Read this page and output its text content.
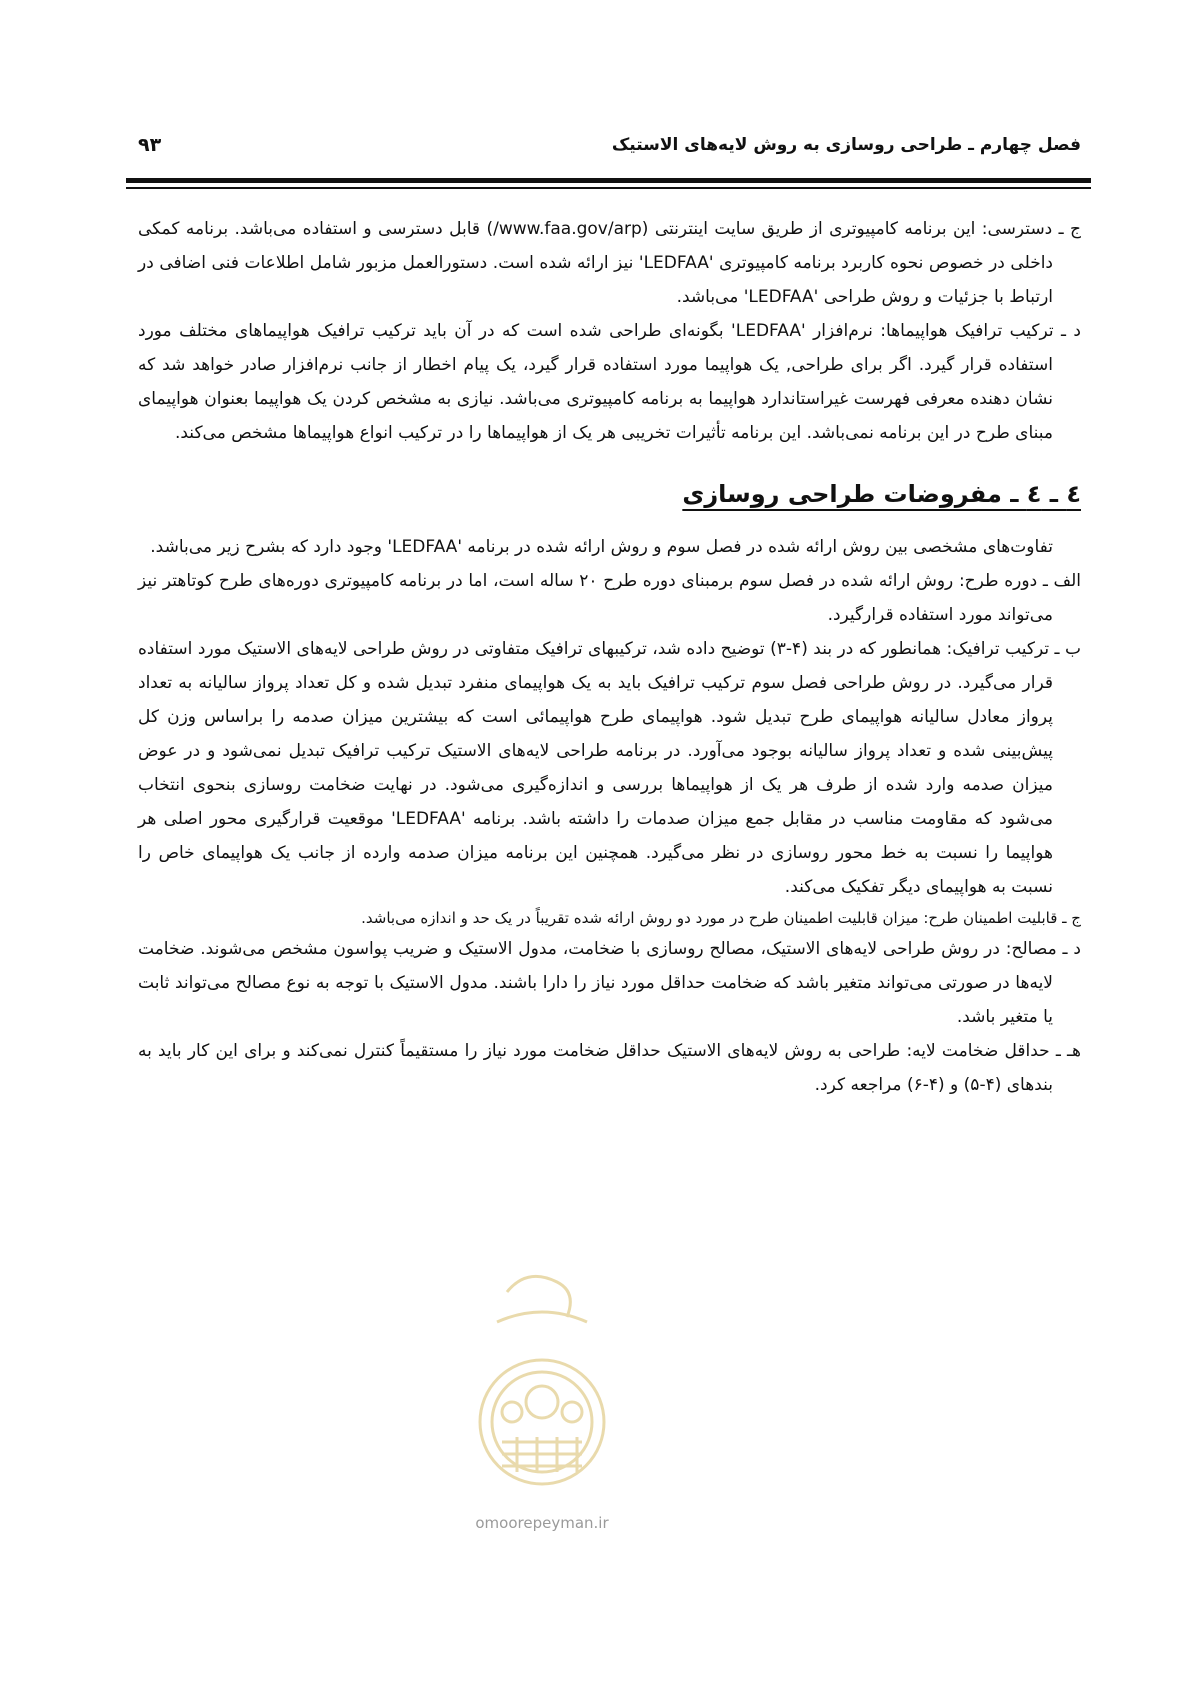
فصل چهارم ـ طراحی روسازی به روش لایه‌های الاستیک
۹۳

ج ـ دسترسی: این برنامه کامپیوتری از طریق سایت اینترنتی (www.faa.gov/arp/) قابل دسترسی و استفاده می‌باشد. برنامه کمکی داخلی در خصوص نحوه کاربرد برنامه کامپیوتری 'LEDFAA' نیز ارائه شده است. دستورالعمل مزبور شامل اطلاعات فنی اضافی در ارتباط با جزئیات و روش طراحی 'LEDFAA' می‌باشد.

د ـ ترکیب ترافیک هواپیماها: نرم‌افزار 'LEDFAA' بگونه‌ای طراحی شده است که در آن باید ترکیب ترافیک هواپیماهای مختلف مورد استفاده قرار گیرد. اگر برای طراحی, یک هواپیما مورد استفاده قرار گیرد، یک پیام اخطار از جانب نرم‌افزار صادر خواهد شد که نشان دهنده معرفی فهرست غیراستاندارد هواپیما به برنامه کامپیوتری می‌باشد. نیازی به مشخص کردن یک هواپیما بعنوان هواپیمای مبنای طرح در این برنامه نمی‌باشد. این برنامه تأثیرات تخریبی هر یک از هواپیماها را در ترکیب انواع هواپیماها مشخص می‌کند.

٤ ـ ٤ ـ مفروضات طراحی روسازی

تفاوت‌های مشخصی بین روش ارائه شده در فصل سوم و روش ارائه شده در برنامه 'LEDFAA' وجود دارد که بشرح زیر می‌باشد.

الف ـ دوره طرح: روش ارائه شده در فصل سوم برمبنای دوره طرح ۲۰ ساله است، اما در برنامه کامپیوتری دوره‌های طرح کوتاهتر نیز می‌تواند مورد استفاده قرارگیرد.

ب ـ ترکیب ترافیک: همانطور که در بند (۴-۳) توضیح داده شد، ترکیبهای ترافیک متفاوتی در روش طراحی لایه‌های الاستیک مورد استفاده قرار می‌گیرد. در روش طراحی فصل سوم ترکیب ترافیک باید به یک هواپیمای منفرد تبدیل شده و کل تعداد پرواز سالیانه به تعداد پرواز معادل سالیانه هواپیمای طرح تبدیل شود. هواپیمای طرح هواپیمائی است که بیشترین میزان صدمه را براساس وزن کل پیش‌بینی شده و تعداد پرواز سالیانه بوجود می‌آورد. در برنامه طراحی لایه‌های الاستیک ترکیب ترافیک تبدیل نمی‌شود و در عوض میزان صدمه وارد شده از طرف هر یک از هواپیماها بررسی و اندازه‌گیری می‌شود. در نهایت ضخامت روسازی بنحوی انتخاب می‌شود که مقاومت مناسب در مقابل جمع میزان صدمات را داشته باشد. برنامه 'LEDFAA' موقعیت قرارگیری محور اصلی هر هواپیما را نسبت به خط محور روسازی در نظر می‌گیرد. همچنین این برنامه میزان صدمه وارده از جانب یک هواپیمای خاص را نسبت به هواپیمای دیگر تفکیک می‌کند.

ج ـ قابلیت اطمینان طرح: میزان قابلیت اطمینان طرح در مورد دو روش ارائه شده تقریباً در یک حد و اندازه می‌باشد.

د ـ مصالح: در روش طراحی لایه‌های الاستیک، مصالح روسازی با ضخامت، مدول الاستیک و ضریب پواسون مشخص می‌شوند. ضخامت لایه‌ها در صورتی می‌تواند متغیر باشد که ضخامت حداقل مورد نیاز را دارا باشند. مدول الاستیک با توجه به نوع مصالح می‌تواند ثابت یا متغیر باشد.

هـ ـ حداقل ضخامت لایه: طراحی به روش لایه‌های الاستیک حداقل ضخامت مورد نیاز را مستقیماً کنترل نمی‌کند و برای این کار باید به بندهای (۴-۵) و (۴-۶) مراجعه کرد.

omoorepeyman.ir
